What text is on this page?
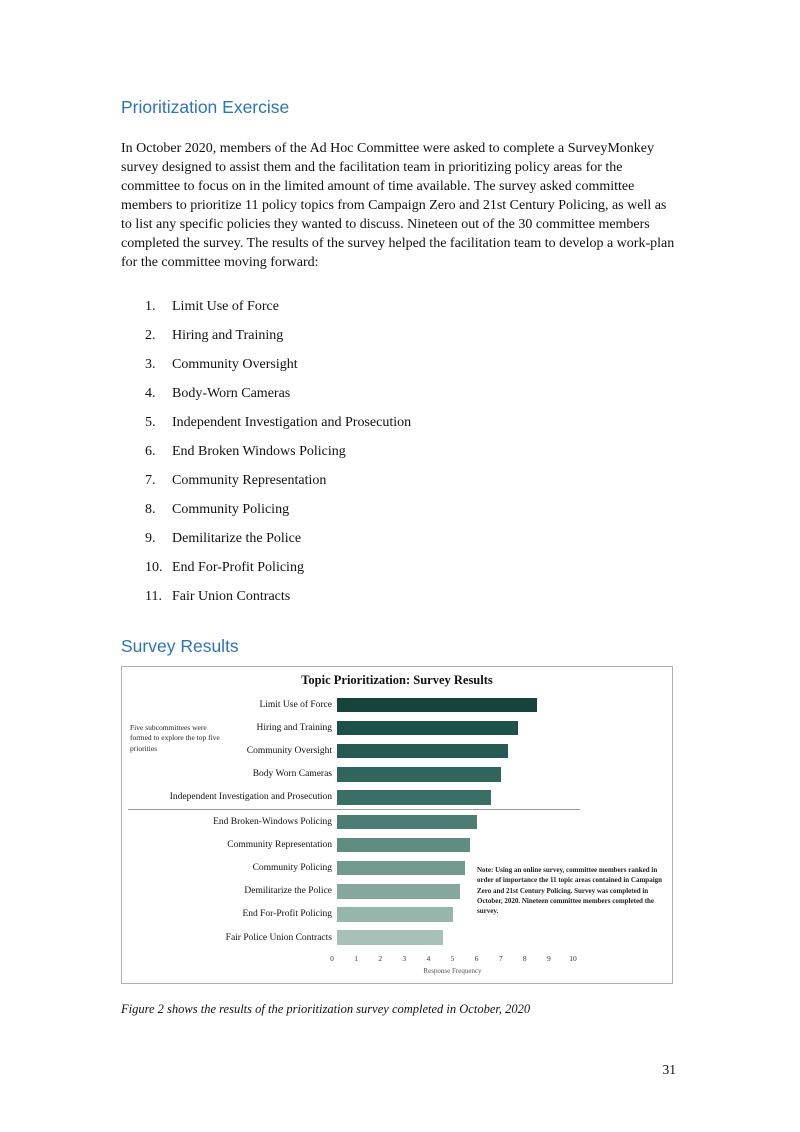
Prioritization Exercise

In October 2020, members of the Ad Hoc Committee were asked to complete a SurveyMonkey survey designed to assist them and the facilitation team in prioritizing policy areas for the committee to focus on in the limited amount of time available. The survey asked committee members to prioritize 11 policy topics from Campaign Zero and 21st Century Policing, as well as to list any specific policies they wanted to discuss. Nineteen out of the 30 committee members completed the survey. The results of the survey helped the facilitation team to develop a work-plan for the committee moving forward:

1.	Limit Use of Force
2.	Hiring and Training
3.	Community Oversight
4.	Body-Worn Cameras
5.	Independent Investigation and Prosecution
6.	End Broken Windows Policing
7.	Community Representation
8.	Community Policing
9.	Demilitarize the Police
10. End For-Profit Policing
11. Fair Union Contracts
Survey Results
Topic Prioritization: Survey Results
Limit Use of Force
Hiring and Training
Community Oversight
Body Worn Cameras
Independent Investigation and Prosecution
End Broken-Windows Policing
Community Representation
Community Policing
Demilitarize the Police
End For-Profit Policing
Fair Police Union Contracts
Five subcommittees were formed to explore the top five priorities
Note: Using an online survey, committee members ranked in order of importance the 11 topic areas contained in Campaign Zero and 21st Century Policing. Survey was completed in October, 2020. Nineteen committee members completed the survey.
0	1	2	3	4	5	6	7	8	9 10
Response Frequency

Figure 2 shows the results of the prioritization survey completed in October, 2020

31
